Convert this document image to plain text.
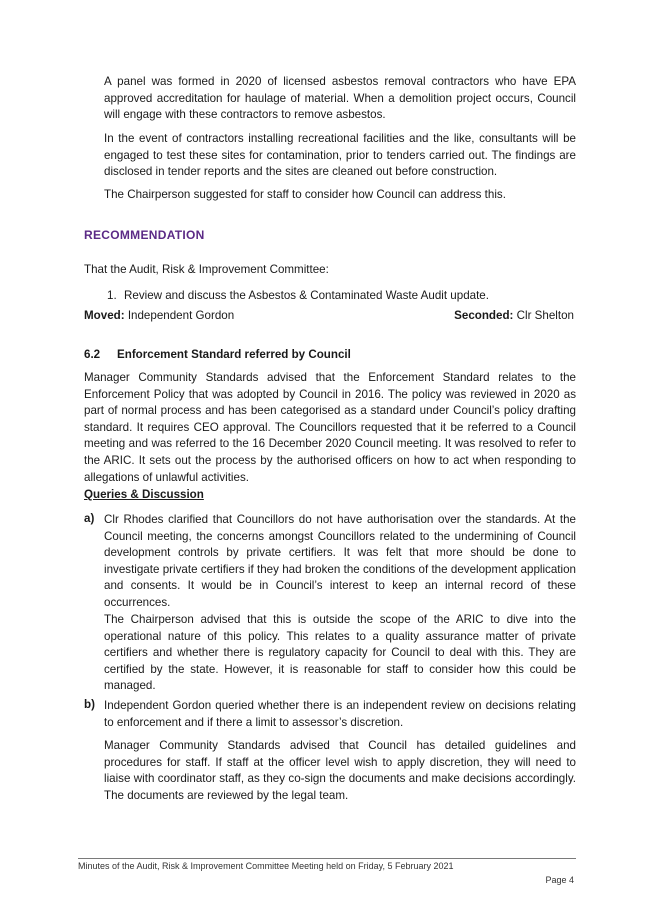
A panel was formed in 2020 of licensed asbestos removal contractors who have EPA approved accreditation for haulage of material. When a demolition project occurs, Council will engage with these contractors to remove asbestos.

In the event of contractors installing recreational facilities and the like, consultants will be engaged to test these sites for contamination, prior to tenders carried out. The findings are disclosed in tender reports and the sites are cleaned out before construction.

The Chairperson suggested for staff to consider how Council can address this.

RECOMMENDATION
That the Audit, Risk & Improvement Committee:
1. Review and discuss the Asbestos & Contaminated Waste Audit update.
Moved: Independent Gordon	Seconded: Clr Shelton
6.2 Enforcement Standard referred by Council

Manager Community Standards advised that the Enforcement Standard relates to the Enforcement Policy that was adopted by Council in 2016. The policy was reviewed in 2020 as part of normal process and has been categorised as a standard under Council’s policy drafting standard. It requires CEO approval. The Councillors requested that it be referred to a Council meeting and was referred to the 16 December 2020 Council meeting. It was resolved to refer to the ARIC. It sets out the process by the authorised officers on how to act when responding to allegations of unlawful activities.

Queries & Discussion
a) Clr Rhodes clarified that Councillors do not have authorisation over the standards. At the Council meeting, the concerns amongst Councillors related to the undermining of Council development controls by private certifiers. It was felt that more should be done to investigate private certifiers if they had broken the conditions of the development application and consents. It would be in Council’s interest to keep an internal record of these occurrences.

The Chairperson advised that this is outside the scope of the ARIC to dive into the operational nature of this policy. This relates to a quality assurance matter of private certifiers and whether there is regulatory capacity for Council to deal with this. They are certified by the state. However, it is reasonable for staff to consider how this could be managed.

b) Independent Gordon queried whether there is an independent review on decisions relating to enforcement and if there a limit to assessor’s discretion.

Manager Community Standards advised that Council has detailed guidelines and procedures for staff. If staff at the officer level wish to apply discretion, they will need to liaise with coordinator staff, as they co-sign the documents and make decisions accordingly. The documents are reviewed by the legal team.

Minutes of the Audit, Risk & Improvement Committee Meeting held on Friday, 5 February 2021
Page 4
